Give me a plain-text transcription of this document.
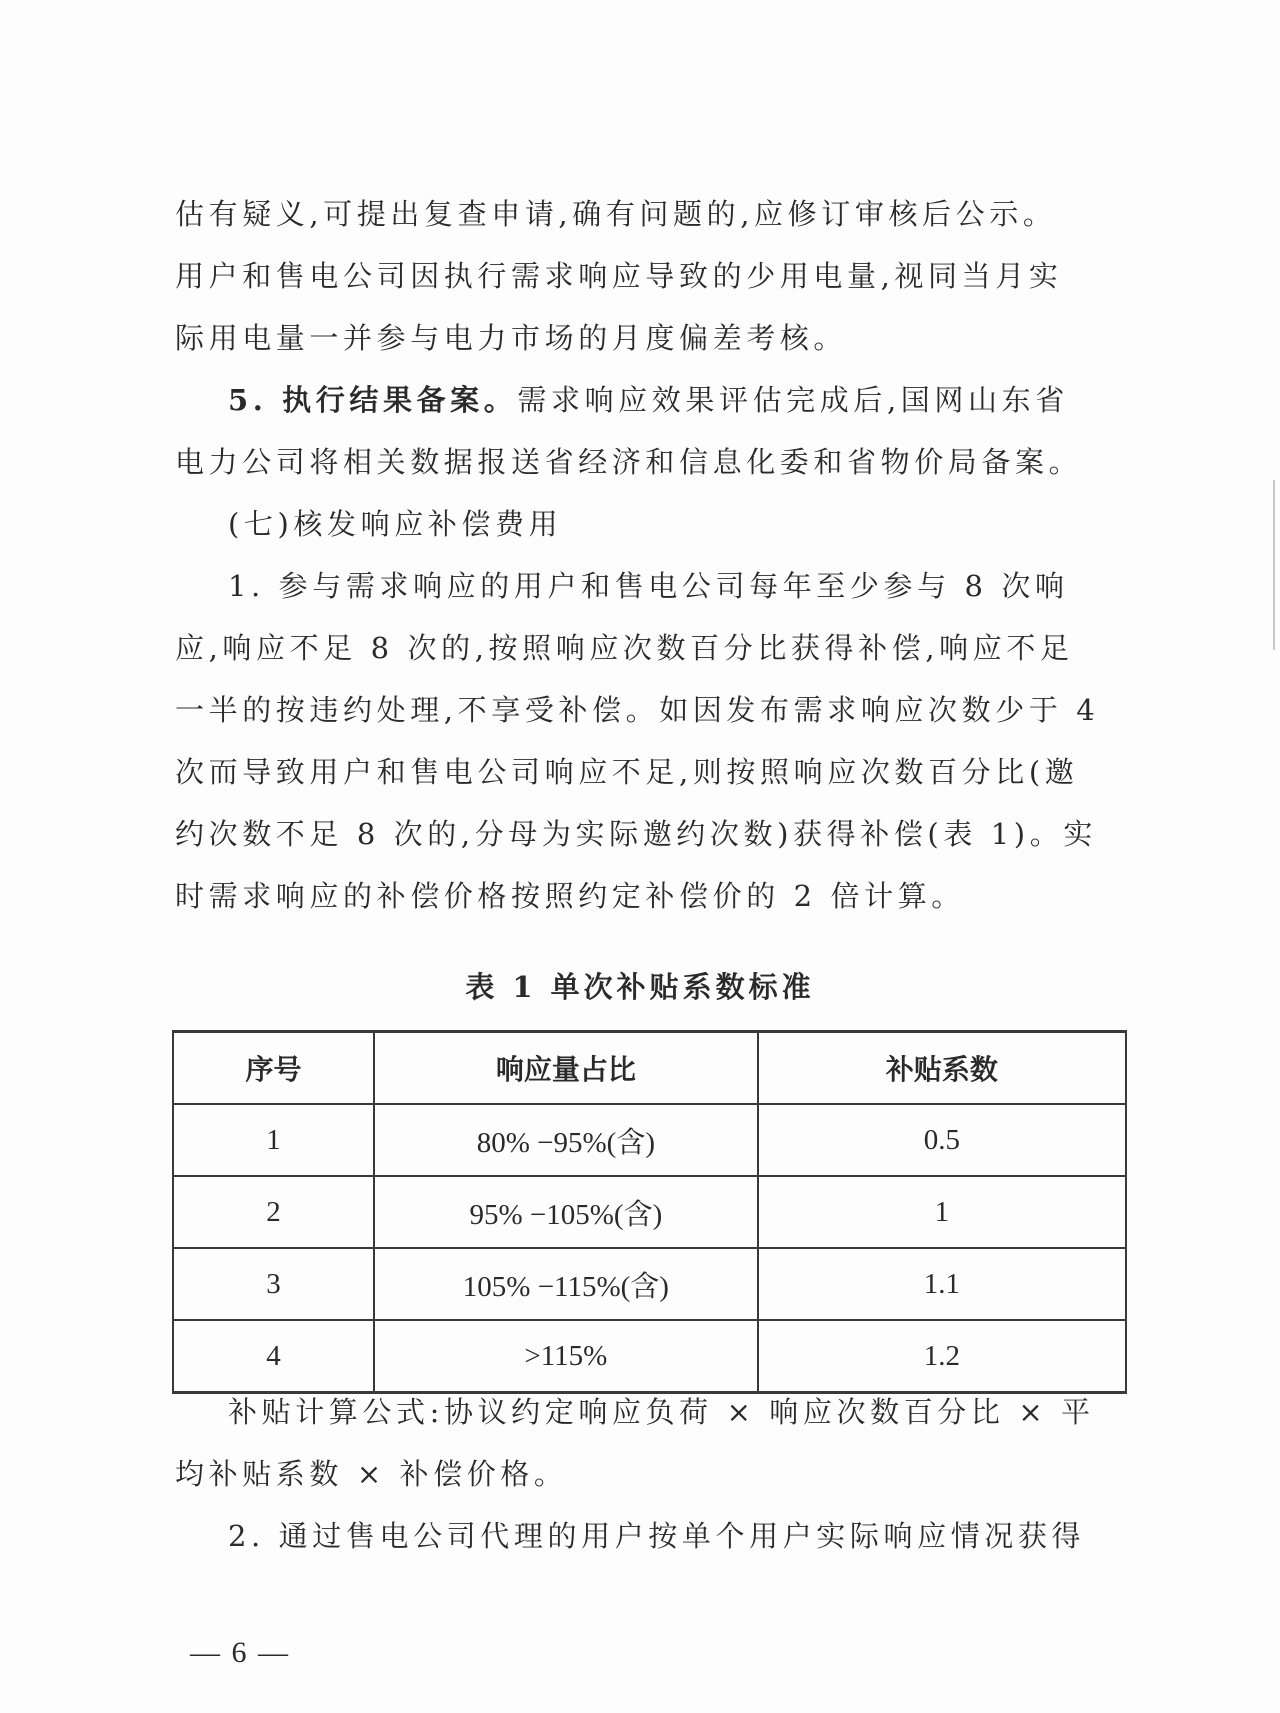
估有疑义,可提出复查申请,确有问题的,应修订审核后公示。
用户和售电公司因执行需求响应导致的少用电量,视同当月实
际用电量一并参与电力市场的月度偏差考核。
5. 执行结果备案。需求响应效果评估完成后,国网山东省
电力公司将相关数据报送省经济和信息化委和省物价局备案。
(七)核发响应补偿费用
1. 参与需求响应的用户和售电公司每年至少参与 8 次响
应,响应不足 8 次的,按照响应次数百分比获得补偿,响应不足
一半的按违约处理,不享受补偿。如因发布需求响应次数少于 4
次而导致用户和售电公司响应不足,则按照响应次数百分比(邀
约次数不足 8 次的,分母为实际邀约次数)获得补偿(表 1)。实
时需求响应的补偿价格按照约定补偿价的 2 倍计算。
表 1 单次补贴系数标准
序号	响应量占比	补贴系数
1	80% −95%(含)	0.5
2	95% −105%(含)	1
3	105% −115%(含)	1.1
4	>115%	1.2
补贴计算公式:协议约定响应负荷 × 响应次数百分比 × 平
均补贴系数 × 补偿价格。
2. 通过售电公司代理的用户按单个用户实际响应情况获得
— 6 —
